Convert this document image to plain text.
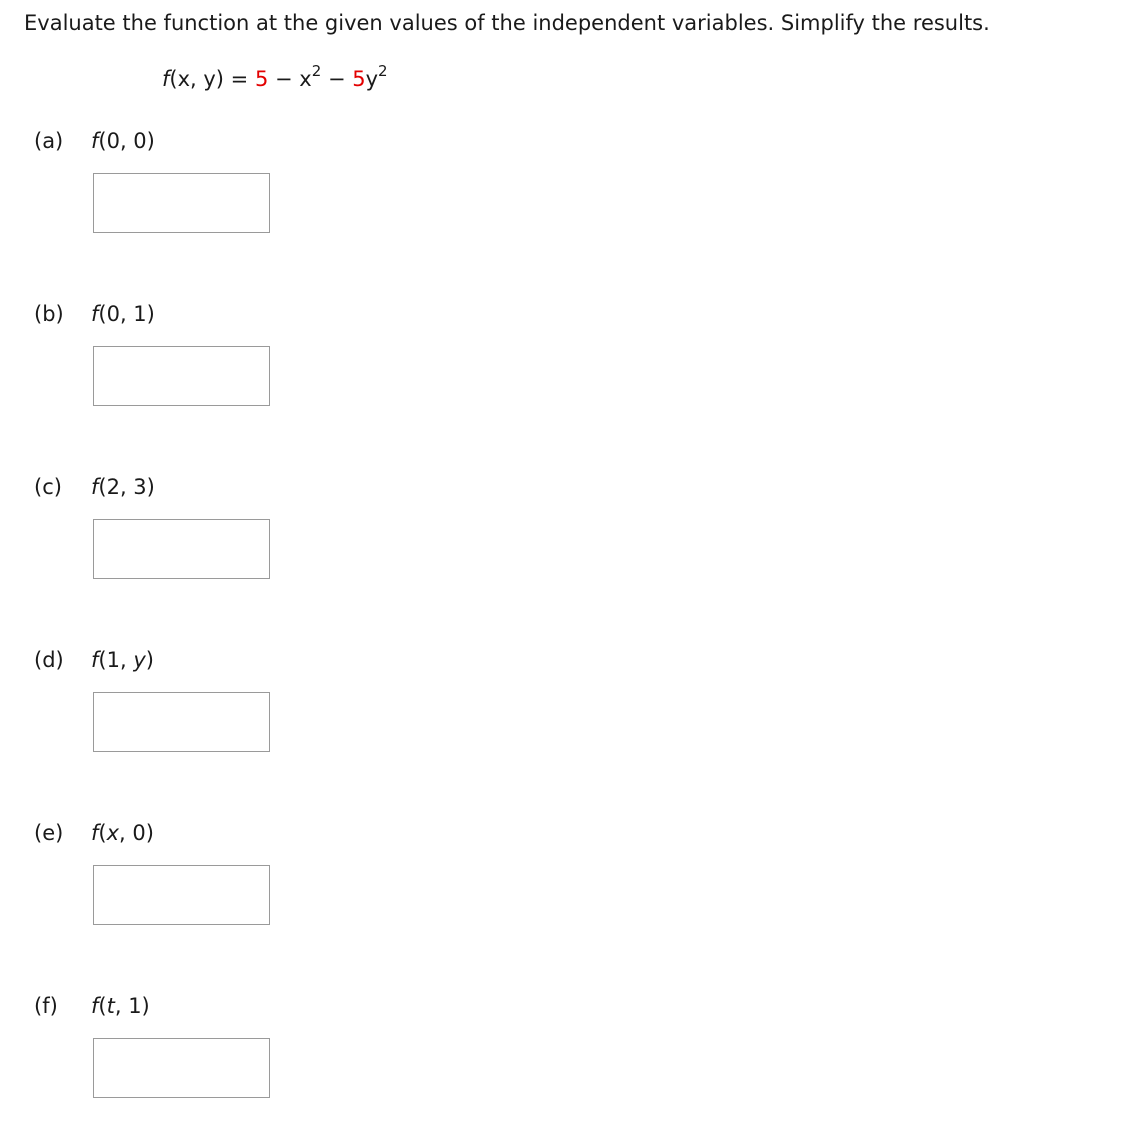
Evaluate the function at the given values of the independent variables. Simplify the results.
f(x, $y) = 5 - x^2 - 5y^2$
(a) f(0, 0)
(b) f(0, 1)
(c) f(2, 3)
(d) f(1, y)
(e) f(x, 0)
(f) f(t, 1)
